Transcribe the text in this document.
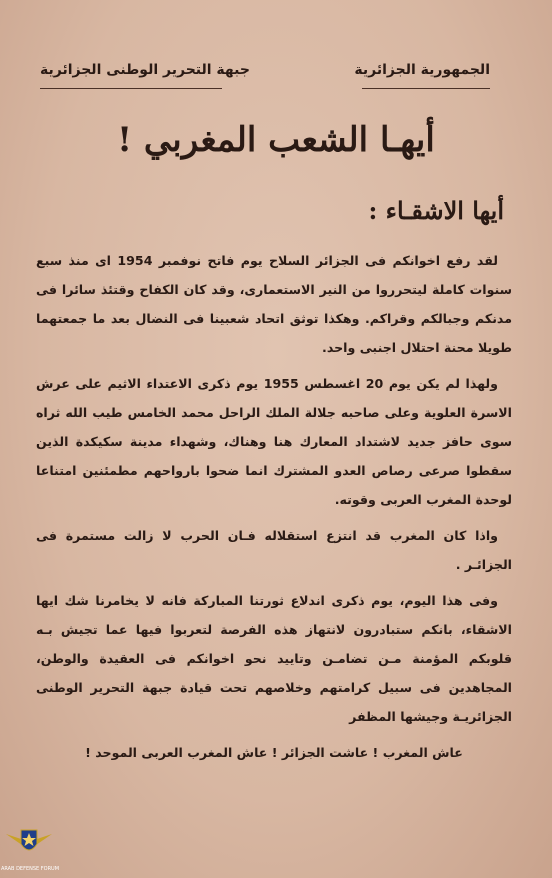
الجمهورية الجزائرية
جبهة التحرير الوطنى الجزائرية
أيهـا الشعب المغربي !
أيها الاشقـاء :

لقد رفع اخوانكم فى الجزائر السلاح يوم فاتح نوفمبر 1954 اى منذ سبع سنوات كاملة ليتحرروا من النير الاستعمارى، وقد كان الكفاح وقتئذ سائرا فى مدنكم وجبالكم وقراكم. وهكذا توثق اتحاد شعبينا فى النضال بعد ما جمعتهما طويلا محنة احتلال اجنبى واحد.

ولهذا لم يكن يوم 20 اغسطس 1955 يوم ذكرى الاعتداء الاثيم على عرش الاسرة العلوية وعلى صاحبه جلالة الملك الراحل محمد الخامس طيب الله ثراه سوى حافز جديد لاشتداد المعارك هنا وهناك، وشهداء مدينة سكيكدة الذين سقطوا صرعى رصاص العدو المشترك انما ضحوا بارواحهم مطمئنين امتناعا لوحدة المغرب العربى وقوته.

واذا كان المغرب قد انتزع استقلاله فـان الحرب لا زالت مستمرة فى الجزائـر .

وفى هذا اليوم، يوم ذكرى اندلاع ثورتنا المباركة فانه لا يخامرنا شك ايها الاشقاء، بانكم ستبادرون لانتهاز هذه الفرصة لتعربوا فيها عما تجيش بـه قلوبكم المؤمنة مـن تضامـن وتاييد نحو اخوانكم فى العقيدة والوطن، المجاهدين فى سبيل كرامتهم وخلاصهم تحت قيادة جبهة التحرير الوطنى الجزائريـة وجيشها المظفر

عاش المغرب ! عاشت الجزائر ! عاش المغرب العربى الموحد !

ARAB DEFENSE FORUM
